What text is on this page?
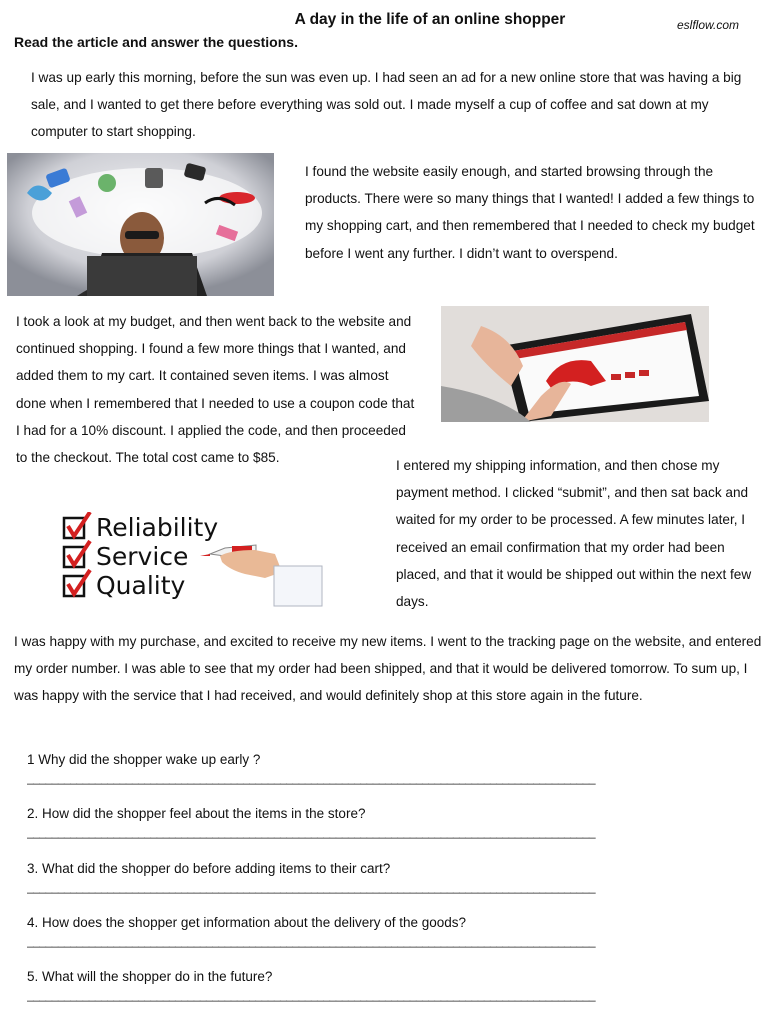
A day in the life of an online shopper	eslflow.com
Read the article and answer the questions.

I was up early this morning, before the sun was even up. I had seen an ad for a new online store that was having a big sale, and I wanted to get there before everything was sold out. I made myself a cup of coffee and sat down at my computer to start shopping.

I found the website easily enough, and started browsing through the products. There were so many things that I wanted! I added a few things to my shopping cart, and then remembered that I needed to check my budget before I went any further. I didn’t want to overspend.

I took a look at my budget, and then went back to the website and continued shopping. I found a few more things that I wanted, and added them to my cart. It contained seven items. I was almost done when I remembered that I needed to use a coupon code that I had for a 10% discount. I applied the code, and then proceeded to the checkout. The total cost came to $85.

I entered my shipping information, and then chose my payment method. I clicked “submit”, and then sat back and waited for my order to be processed. A few minutes later, I received an email confirmation that my order had been placed, and that it would be shipped out within the next few days.

Reliability
Service
Quality

I was happy with my purchase, and excited to receive my new items. I went to the tracking page on the website, and entered my order number. I was able to see that my order had been shipped, and that it would be delivered tomorrow. To sum up, I was happy with the service that I had received, and would definitely shop at this store again in the future.

1 Why did the shopper wake up early ?
____________________________________________________________________________________________
2. How did the shopper feel about the items in the store?
____________________________________________________________________________________________
3. What did the shopper do before adding items to their cart?
____________________________________________________________________________________________
4. How does the shopper get information about the delivery of the goods?
____________________________________________________________________________________________
5. What will the shopper do in the future?
____________________________________________________________________________________________
